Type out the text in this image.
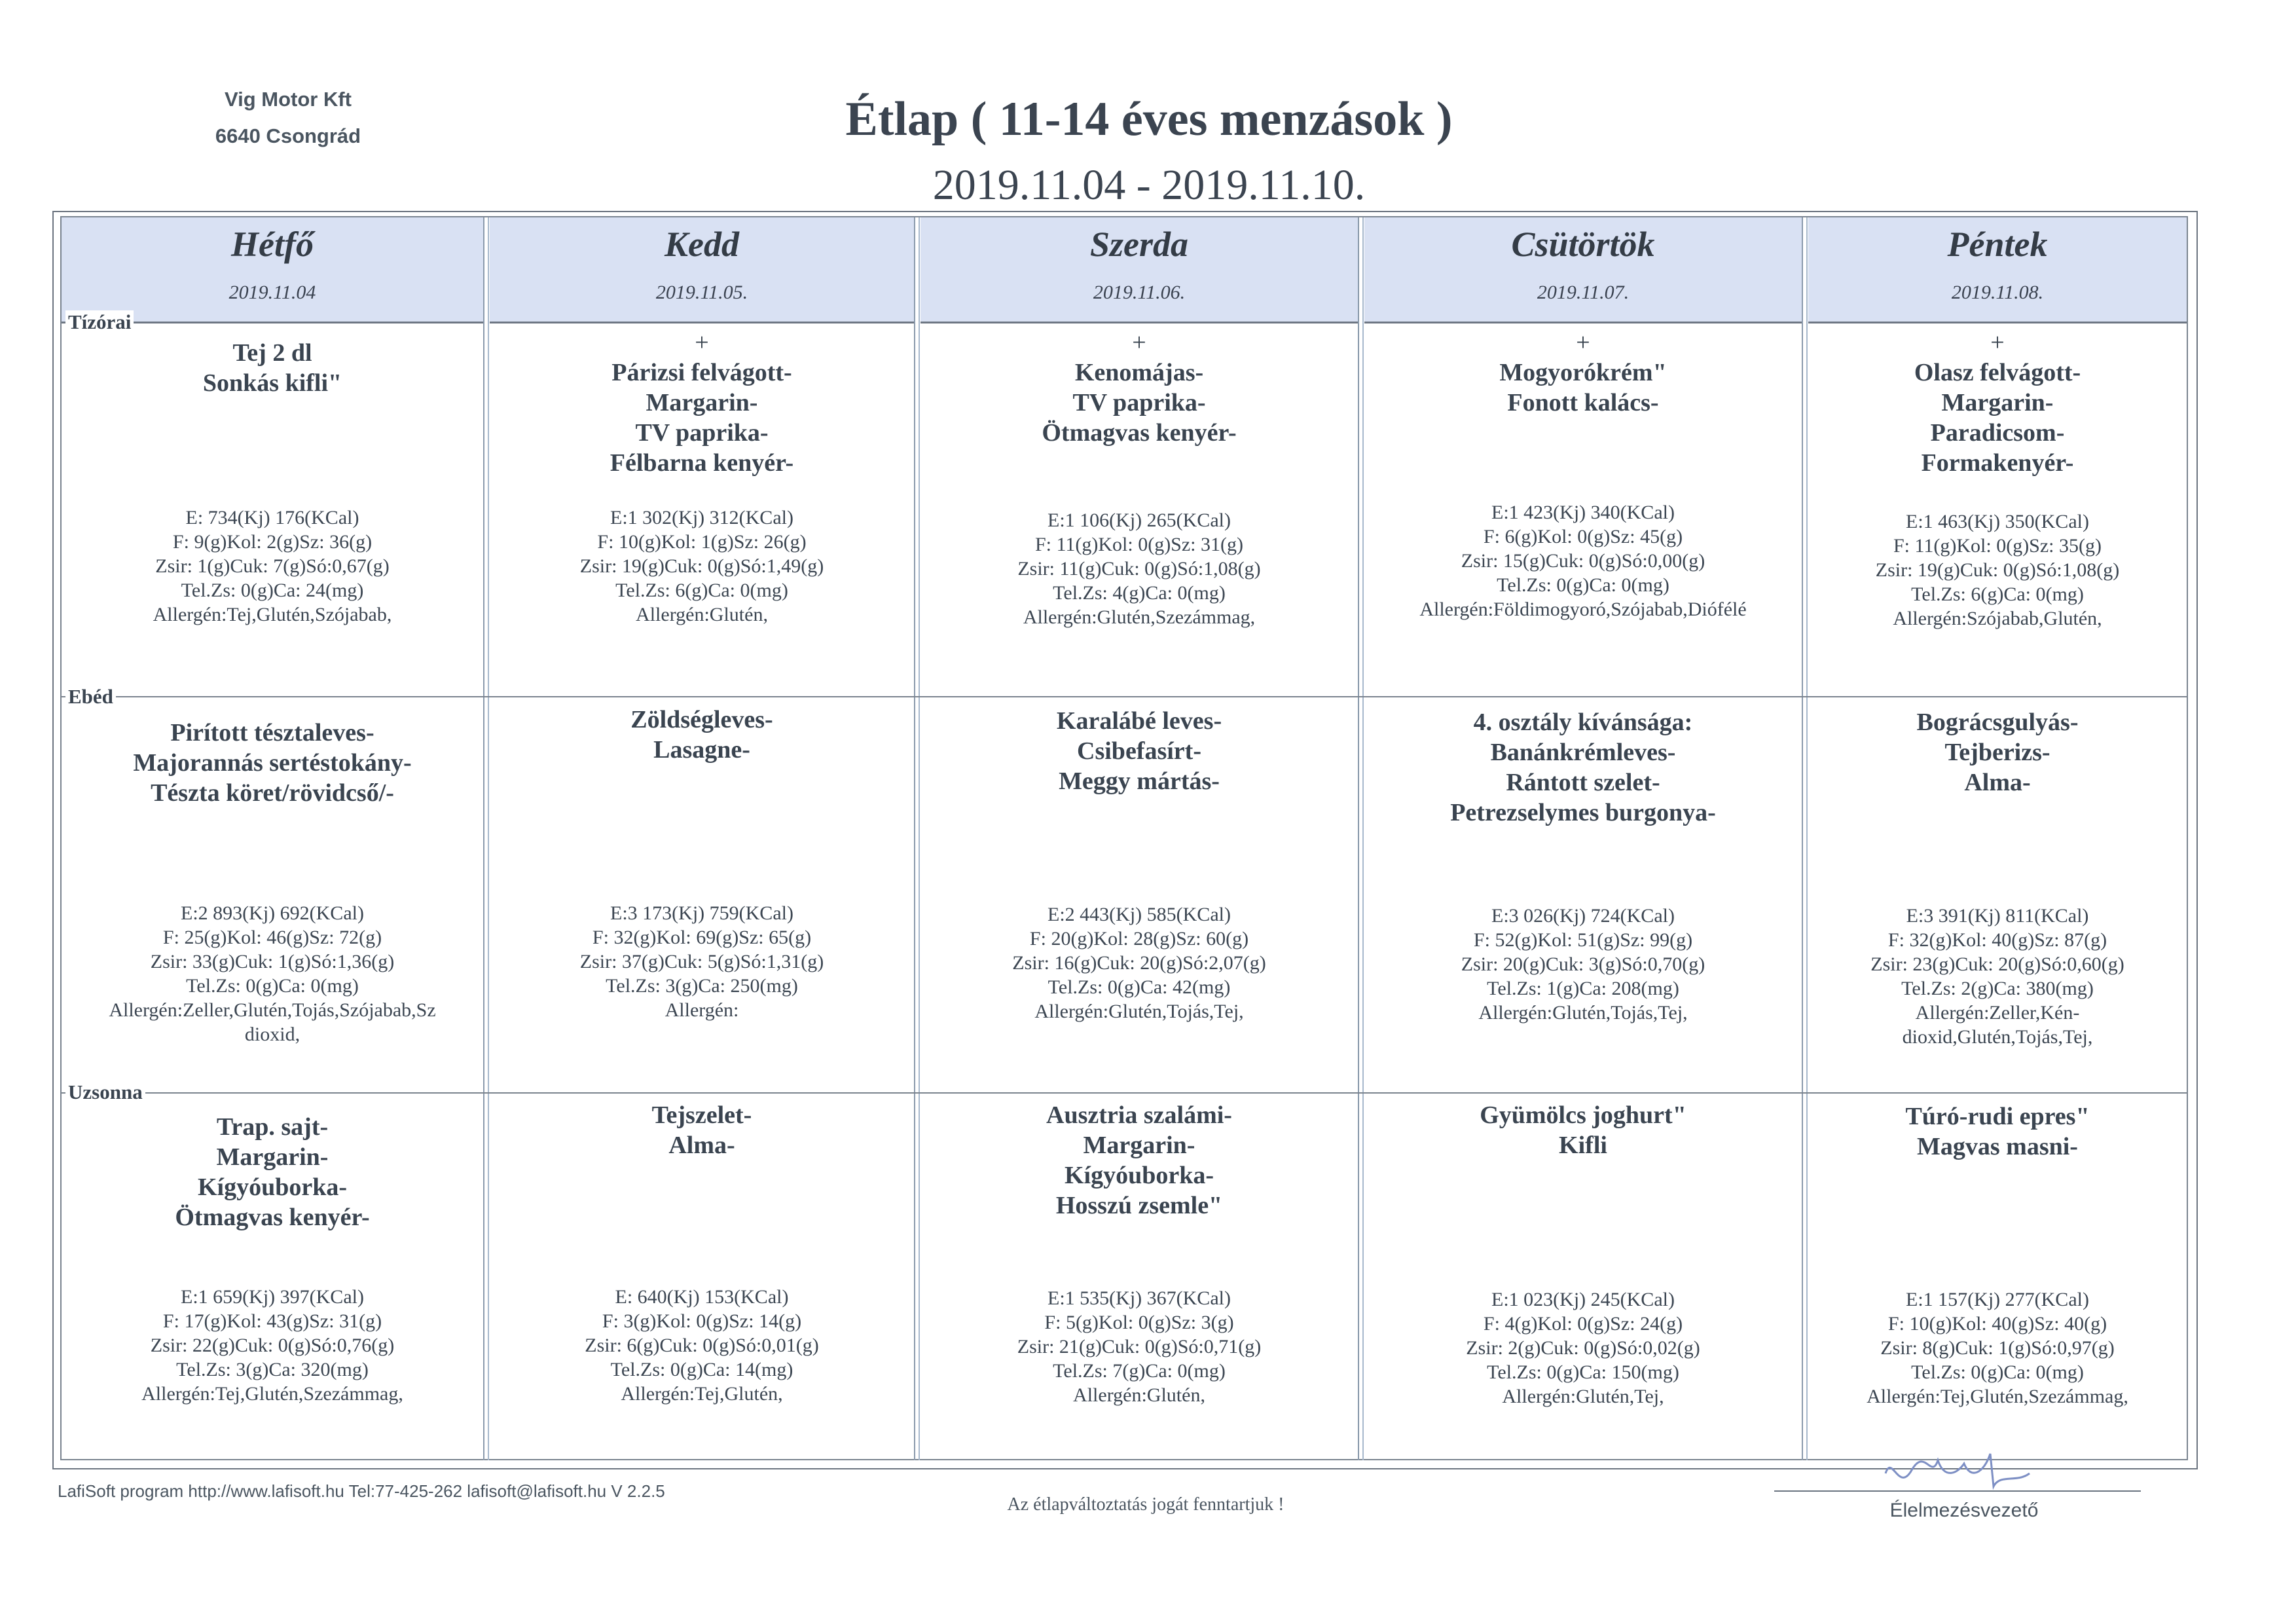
Vig Motor Kft
6640 Csongrád	Étlap ( 11-14 éves menzások )
2019.11.04 - 2019.11.10.
Hétfő
2019.11.04
Kedd
2019.11.05.
Szerda
2019.11.06.
Csütörtök
2019.11.07.
Péntek
2019.11.08.
Tízórai
Ebéd
Uzsonna
Tej 2 dl
Sonkás kifli"
E: 734(Kj) 176(KCal)
F: 9(g)Kol: 2(g)Sz: 36(g)
Zsir: 1(g)Cuk: 7(g)Só:0,67(g)
Tel.Zs: 0(g)Ca: 24(mg)
Allergén:Tej,Glutén,Szójabab,
+
Párizsi felvágott-
Margarin-
TV paprika-
Félbarna kenyér-
E:1 302(Kj) 312(KCal)
F: 10(g)Kol: 1(g)Sz: 26(g)
Zsir: 19(g)Cuk: 0(g)Só:1,49(g)
Tel.Zs: 6(g)Ca: 0(mg)
Allergén:Glutén,
+
Kenomájas-
TV paprika-
Ötmagvas kenyér-
E:1 106(Kj) 265(KCal)
F: 11(g)Kol: 0(g)Sz: 31(g)
Zsir: 11(g)Cuk: 0(g)Só:1,08(g)
Tel.Zs: 4(g)Ca: 0(mg)
Allergén:Glutén,Szezámmag,
+
Mogyorókrém"
Fonott kalács-
E:1 423(Kj) 340(KCal)
F: 6(g)Kol: 0(g)Sz: 45(g)
Zsir: 15(g)Cuk: 0(g)Só:0,00(g)
Tel.Zs: 0(g)Ca: 0(mg)
Allergén:Földimogyoró,Szójabab,Diófélé
+
Olasz felvágott-
Margarin-
Paradicsom-
Formakenyér-
E:1 463(Kj) 350(KCal)
F: 11(g)Kol: 0(g)Sz: 35(g)
Zsir: 19(g)Cuk: 0(g)Só:1,08(g)
Tel.Zs: 6(g)Ca: 0(mg)
Allergén:Szójabab,Glutén,
Pirított tésztaleves-
Majorannás sertéstokány-
Tészta köret/rövidcső/-
E:2 893(Kj) 692(KCal)
F: 25(g)Kol: 46(g)Sz: 72(g)
Zsir: 33(g)Cuk: 1(g)Só:1,36(g)
Tel.Zs: 0(g)Ca: 0(mg)
Allergén:Zeller,Glutén,Tojás,Szójabab,Sz
dioxid,
Zöldségleves-
Lasagne-
E:3 173(Kj) 759(KCal)
F: 32(g)Kol: 69(g)Sz: 65(g)
Zsir: 37(g)Cuk: 5(g)Só:1,31(g)
Tel.Zs: 3(g)Ca: 250(mg)
Allergén:
Karalábé leves-
Csibefasírt-
Meggy mártás-
E:2 443(Kj) 585(KCal)
F: 20(g)Kol: 28(g)Sz: 60(g)
Zsir: 16(g)Cuk: 20(g)Só:2,07(g)
Tel.Zs: 0(g)Ca: 42(mg)
Allergén:Glutén,Tojás,Tej,
4. osztály kívánsága:
Banánkrémleves-
Rántott szelet-
Petrezselymes burgonya-
E:3 026(Kj) 724(KCal)
F: 52(g)Kol: 51(g)Sz: 99(g)
Zsir: 20(g)Cuk: 3(g)Só:0,70(g)
Tel.Zs: 1(g)Ca: 208(mg)
Allergén:Glutén,Tojás,Tej,
Bográcsgulyás-
Tejberizs-
Alma-
E:3 391(Kj) 811(KCal)
F: 32(g)Kol: 40(g)Sz: 87(g)
Zsir: 23(g)Cuk: 20(g)Só:0,60(g)
Tel.Zs: 2(g)Ca: 380(mg)
Allergén:Zeller,Kén-
dioxid,Glutén,Tojás,Tej,
Trap. sajt-
Margarin-
Kígyóuborka-
Ötmagvas kenyér-
E:1 659(Kj) 397(KCal)
F: 17(g)Kol: 43(g)Sz: 31(g)
Zsir: 22(g)Cuk: 0(g)Só:0,76(g)
Tel.Zs: 3(g)Ca: 320(mg)
Allergén:Tej,Glutén,Szezámmag,
Tejszelet-
Alma-
E: 640(Kj) 153(KCal)
F: 3(g)Kol: 0(g)Sz: 14(g)
Zsir: 6(g)Cuk: 0(g)Só:0,01(g)
Tel.Zs: 0(g)Ca: 14(mg)
Allergén:Tej,Glutén,
Ausztria szalámi-
Margarin-
Kígyóuborka-
Hosszú zsemle"
E:1 535(Kj) 367(KCal)
F: 5(g)Kol: 0(g)Sz: 3(g)
Zsir: 21(g)Cuk: 0(g)Só:0,71(g)
Tel.Zs: 7(g)Ca: 0(mg)
Allergén:Glutén,
Gyümölcs joghurt"
Kifli
E:1 023(Kj) 245(KCal)
F: 4(g)Kol: 0(g)Sz: 24(g)
Zsir: 2(g)Cuk: 0(g)Só:0,02(g)
Tel.Zs: 0(g)Ca: 150(mg)
Allergén:Glutén,Tej,
Túró-rudi epres"
Magvas masni-
E:1 157(Kj) 277(KCal)
F: 10(g)Kol: 40(g)Sz: 40(g)
Zsir: 8(g)Cuk: 1(g)Só:0,97(g)
Tel.Zs: 0(g)Ca: 0(mg)
Allergén:Tej,Glutén,Szezámmag,
LafiSoft program http://www.lafisoft.hu Tel:77-425-262 lafisoft@lafisoft.hu V 2.2.5
Az étlapváltoztatás jogát fenntartjuk !	Élelmezésvezető
